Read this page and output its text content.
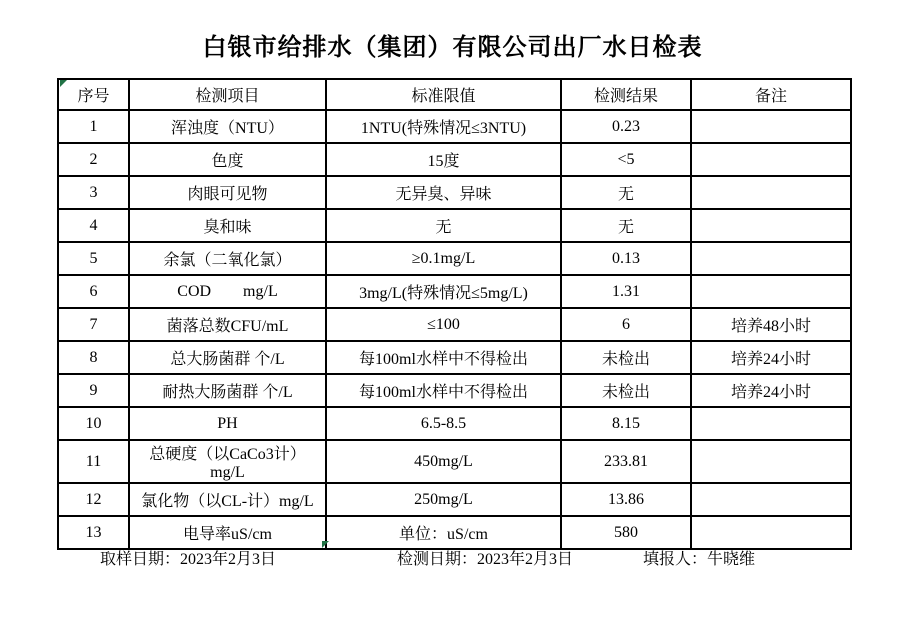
白银市给排水（集团）有限公司出厂水日检表
序号	检测项目	标准限值	检测结果	备注
1	浑浊度（NTU）	1NTU(特殊情况≤3NTU)	0.23	
2	色度	15度	<5	
3	肉眼可见物	无异臭、异味	无	
4	臭和味	无	无	
5	余氯（二氧化氯）	≥0.1mg/L	0.13	
6	COD        mg/L	3mg/L(特殊情况≤5mg/L)	1.31	
7	菌落总数CFU/mL	≤100	6	培养48小时
8	总大肠菌群 个/L	每100ml水样中不得检出	未检出	培养24小时
9	耐热大肠菌群 个/L	每100ml水样中不得检出	未检出	培养24小时
10	PH	6.5-8.5	8.15	
11	总硬度（以CaCo3计）mg/L	450mg/L	233.81	
12	氯化物（以CL-计）mg/L	250mg/L	13.86	
13	电导率uS/cm	单位：uS/cm	580	
取样日期：2023年2月3日	检测日期：2023年2月3日	填报人：牛晓维
